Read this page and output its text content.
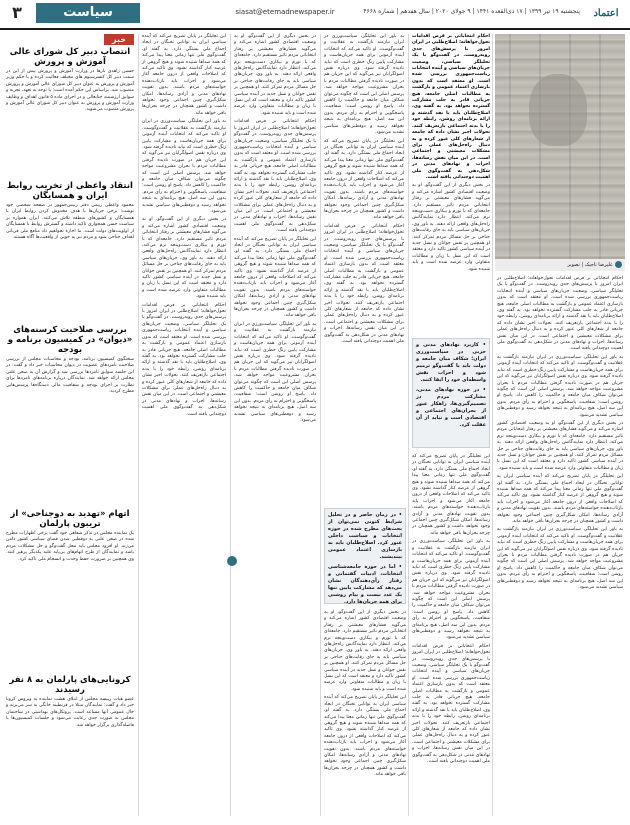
۳	سیاست	siasat@etemadnewspaper.ir	پنجشنبه ۱۹ تیر ۱۳۹۹ | ۱۷ ذی‌القعده ۱۴۴۱ | ۹ جولای ۲۰۲۰ | سال هفدهم | شماره ۴۶۶۸	اعتماد
خبر
انتصاب دبیر کل شورای عالی آموزش و پرورش
حسین زاهدی بارها در وزارت آموزش و پرورش پیش از این در سمت دبیر کل کنسرسیوم های مختلف فعالیت کرده و با حکم وزیر آموزش و پرورش به عنوان دبیر کل شورای عالی آموزش و پرورش منصوب شد. براساس این حکم آمده است: با توجه به تعهد، تجربه و سوابق ارزشمند جنابعالی و در اجرای ماده ۵ قانون اهداف و وظایف وزارت آموزش و پرورش به عنوان دبیر کل شورای عالی آموزش و پرورش منصوب می‌شوید.
انتقاد واعظی از تخریب روابط ایران و همسایگان
محمود واعظی رییس دفتر رییس‌جمهور در صفحه شخصی خود نوشت: برخی جریان‌ها با هدف مخدوش کردن روابط ایران با همسایگان و کشورهای منطقه تلاش می‌کنند. ایران همواره بر سیاست حسن همجواری تاکید داشته و گسترش روابط با همسایگان از اولویت‌های دولت است. ما اجازه نخواهیم داد منافع ملی قربانی اهداف جناحی شود و مردم نیز به خوبی از واقعیت‌ها آگاه هستند.
بررسی صلاحیت کرسنه‌های «دیوان» در کمیسیون برنامه و بودجه
سخنگوی کمیسیون برنامه، بودجه و محاسبات مجلس از بررسی صلاحیت نامزدهای عضویت در دیوان محاسبات خبر داد و گفت: در این جلسه سوابق نامزدها بررسی شد و گزارش آن به صحن علنی مجلس ارائه خواهد شد. نمایندگان درباره برنامه‌های نامزدها برای نظارت بر اجرای بودجه و شفافیت مالی دستگاه‌ها پرسش‌هایی مطرح کردند.
اتهام «تهدید به دوجناحی» از تریبون پارلمان
یک نماینده مجلس در تذکر شفاهی خود گفت برخی اظهارات مطرح شده در صحن علنی به دوقطبی شدن فضای سیاسی کشور دامن می‌زند. او افزود مجلس باید محل گفت‌وگو و حل مشکلات مردم باشد و نمایندگان از طرح اتهام‌های بی‌پایه علیه یکدیگر پرهیز کنند. وی همچنین بر ضرورت حفظ وحدت و انسجام ملی تاکید کرد.
کرونایی‌های پارلمان به ۸ نفر رسیدند
عضو هیات رییسه مجلس از ابتلای هشت نماینده به ویروس کرونا خبر داد و گفت: نمایندگان مبتلا در قرنطینه خانگی به سر می‌برند و حال عمومی آنها مساعد است. پروتکل‌های بهداشتی در ساختمان مجلس به صورت جدی رعایت می‌شود و جلسات کمیسیون‌ها با فاصله‌گذاری برگزار خواهد شد.

این تحلیلگر در پایان تصریح می‌کند که آینده سیاسی ایران به توانایی نخبگان در ایجاد اجماع ملی بستگی دارد. به گفته او، گفت‌وگوی ملی تنها زمانی معنا پیدا می‌کند که همه صداها شنیده شوند و هیچ گروهی از عرصه کنار گذاشته نشود. وی تاکید می‌کند که اصلاحات واقعی از درون جامعه آغاز می‌شود و احزاب باید بازتاب‌دهنده خواسته‌های مردم باشند. بدون تقویت نهادهای مدنی و آزادی رسانه‌ها، امکان شکل‌گیری چنین اجماعی وجود نخواهد داشت و کشور همچنان در چرخه بحران‌ها باقی خواهد ماند.

به باور این تحلیلگر، سیاست‌ورزی در ایران نیازمند بازگشت به عقلانیت و گفت‌وگوست. او تاکید می‌کند که انتخابات آینده آزمونی برای همه جریان‌هاست و مشارکت پایین زنگ خطری است که نباید نادیده گرفته شود. وی درباره نقش اصولگرایان نیز می‌گوید که این جریان هم در صورت نادیده گرفتن مطالبات مردم با بحران مشروعیت مواجه خواهد شد. پرسش اصلی این است که چگونه می‌توان شکاف میان جامعه و حاکمیت را کاهش داد. پاسخ او روشن است: شفافیت، پاسخگویی و احترام به رأی مردم. بدون این سه اصل، هیچ برنامه‌ای به نتیجه نخواهد رسید و دوقطبی‌های سیاسی تشدید می‌شود.

در بخش دیگری از این گفت‌وگو، او به وضعیت اقتصادی کشور اشاره می‌کند و می‌گوید فشارهای معیشتی بر رفتار انتخاباتی مردم تاثیر مستقیم دارد. جامعه‌ای که با تورم و بیکاری دست‌وپنجه نرم می‌کند، انتظار دارد نمایندگانش راه‌حل‌های واقعی ارائه دهند. به باور وی، جریان‌های سیاسی باید به جای رقابت‌های جناحی بر حل مسائل مردم تمرکز کنند. او همچنین بر نقش جوانان و نسل جدید در آینده سیاسی کشور تاکید دارد و معتقد است که این نسل با زبان و مطالبات متفاوتی وارد عرصه شده است و باید شنیده شود.

احکام انتخاباتی بر فرض اقدامات تحول‌خواهانه؛ اصلاح‌طلبی در ایران امروز با پرسش‌های جدی روبه‌روست. در گفت‌وگو با یک تحلیلگر سیاسی، وضعیت جریان‌های سیاسی و آینده انتخابات ریاست‌جمهوری بررسی شده است. او معتقد است که بدون بازسازی اعتماد عمومی و بازگشت به مطالبات اصلی جامعه، هیچ جریانی قادر به جلب مشارکت گسترده نخواهد بود. به گفته وی، اصلاح‌طلبان باید با نقد گذشته و ارائه برنامه‌ای روشن، رابطه خود را با بدنه اجتماعی بازتعریف کنند. تحولات اخیر نشان داده که جامعه از شعارهای کلی عبور کرده و به دنبال راه‌حل‌های عملی برای مشکلات معیشتی و اجتماعی است. در این میان نقش رسانه‌ها، احزاب و نهادهای مدنی در شکل‌دهی به گفت‌وگوی ملی اهمیت دوچندانی یافته است.

در بخش دیگری از این گفت‌وگو، او به وضعیت اقتصادی کشور اشاره می‌کند و می‌گوید فشارهای معیشتی بر رفتار انتخاباتی مردم تاثیر مستقیم دارد. جامعه‌ای که با تورم و بیکاری دست‌وپنجه نرم می‌کند، انتظار دارد نمایندگانش راه‌حل‌های واقعی ارائه دهند. به باور وی، جریان‌های سیاسی باید به جای رقابت‌های جناحی بر حل مسائل مردم تمرکز کنند. او همچنین بر نقش جوانان و نسل جدید در آینده سیاسی کشور تاکید دارد و معتقد است که این نسل با زبان و مطالبات متفاوتی وارد عرصه شده است و باید شنیده شود.

احکام انتخاباتی بر فرض اقدامات تحول‌خواهانه؛ اصلاح‌طلبی در ایران امروز با پرسش‌های جدی روبه‌روست. در گفت‌وگو با یک تحلیلگر سیاسی، وضعیت جریان‌های سیاسی و آینده انتخابات ریاست‌جمهوری بررسی شده است. او معتقد است که بدون بازسازی اعتماد عمومی و بازگشت به مطالبات اصلی جامعه، هیچ جریانی قادر به جلب مشارکت گسترده نخواهد بود. به گفته وی، اصلاح‌طلبان باید با نقد گذشته و ارائه برنامه‌ای روشن، رابطه خود را با بدنه اجتماعی بازتعریف کنند. تحولات اخیر نشان داده که جامعه از شعارهای کلی عبور کرده و به دنبال راه‌حل‌های عملی برای مشکلات معیشتی و اجتماعی است. در این میان نقش رسانه‌ها، احزاب و نهادهای مدنی در شکل‌دهی به گفت‌وگوی ملی اهمیت دوچندانی یافته است.

این تحلیلگر در پایان تصریح می‌کند که آینده سیاسی ایران به توانایی نخبگان در ایجاد اجماع ملی بستگی دارد. به گفته او، گفت‌وگوی ملی تنها زمانی معنا پیدا می‌کند که همه صداها شنیده شوند و هیچ گروهی از عرصه کنار گذاشته نشود. وی تاکید می‌کند که اصلاحات واقعی از درون جامعه آغاز می‌شود و احزاب باید بازتاب‌دهنده خواسته‌های مردم باشند. بدون تقویت نهادهای مدنی و آزادی رسانه‌ها، امکان شکل‌گیری چنین اجماعی وجود نخواهد داشت و کشور همچنان در چرخه بحران‌ها باقی خواهد ماند.

به باور این تحلیلگر، سیاست‌ورزی در ایران نیازمند بازگشت به عقلانیت و گفت‌وگوست. او تاکید می‌کند که انتخابات آینده آزمونی برای همه جریان‌هاست و مشارکت پایین زنگ خطری است که نباید نادیده گرفته شود. وی درباره نقش اصولگرایان نیز می‌گوید که این جریان هم در صورت نادیده گرفتن مطالبات مردم با بحران مشروعیت مواجه خواهد شد. پرسش اصلی این است که چگونه می‌توان شکاف میان جامعه و حاکمیت را کاهش داد. پاسخ او روشن است: شفافیت، پاسخگویی و احترام به رأی مردم. بدون این سه اصل، هیچ برنامه‌ای به نتیجه نخواهد رسید و دوقطبی‌های سیاسی تشدید می‌شود.

به باور این تحلیلگر، سیاست‌ورزی در ایران نیازمند بازگشت به عقلانیت و گفت‌وگوست. او تاکید می‌کند که انتخابات آینده آزمونی برای همه جریان‌هاست و مشارکت پایین زنگ خطری است که نباید نادیده گرفته شود. وی درباره نقش اصولگرایان نیز می‌گوید که این جریان هم در صورت نادیده گرفتن مطالبات مردم با بحران مشروعیت مواجه خواهد شد. پرسش اصلی این است که چگونه می‌توان شکاف میان جامعه و حاکمیت را کاهش داد. پاسخ او روشن است: شفافیت، پاسخگویی و احترام به رأی مردم. بدون این سه اصل، هیچ برنامه‌ای به نتیجه نخواهد رسید و دوقطبی‌های سیاسی تشدید می‌شود.

این تحلیلگر در پایان تصریح می‌کند که آینده سیاسی ایران به توانایی نخبگان در ایجاد اجماع ملی بستگی دارد. به گفته او، گفت‌وگوی ملی تنها زمانی معنا پیدا می‌کند که همه صداها شنیده شوند و هیچ گروهی از عرصه کنار گذاشته نشود. وی تاکید می‌کند که اصلاحات واقعی از درون جامعه آغاز می‌شود و احزاب باید بازتاب‌دهنده خواسته‌های مردم باشند. بدون تقویت نهادهای مدنی و آزادی رسانه‌ها، امکان شکل‌گیری چنین اجماعی وجود نخواهد داشت و کشور همچنان در چرخه بحران‌ها باقی خواهد ماند.

احکام انتخاباتی بر فرض اقدامات تحول‌خواهانه؛ اصلاح‌طلبی در ایران امروز با پرسش‌های جدی روبه‌روست. در گفت‌وگو با یک تحلیلگر سیاسی، وضعیت جریان‌های سیاسی و آینده انتخابات ریاست‌جمهوری بررسی شده است. او معتقد است که بدون بازسازی اعتماد عمومی و بازگشت به مطالبات اصلی جامعه، هیچ جریانی قادر به جلب مشارکت گسترده نخواهد بود. به گفته وی، اصلاح‌طلبان باید با نقد گذشته و ارائه برنامه‌ای روشن، رابطه خود را با بدنه اجتماعی بازتعریف کنند. تحولات اخیر نشان داده که جامعه از شعارهای کلی عبور کرده و به دنبال راه‌حل‌های عملی برای مشکلات معیشتی و اجتماعی است. در این میان نقش رسانه‌ها، احزاب و نهادهای مدنی در شکل‌دهی به گفت‌وگوی ملی اهمیت دوچندانی یافته است.

احکام انتخاباتی بر فرض اقدامات تحول‌خواهانه؛ اصلاح‌طلبی در ایران امروز با پرسش‌های جدی روبه‌روست. در گفت‌وگو با یک تحلیلگر سیاسی، وضعیت جریان‌های سیاسی و آینده انتخابات ریاست‌جمهوری بررسی شده است. او معتقد است که بدون بازسازی اعتماد عمومی و بازگشت به مطالبات اصلی جامعه، هیچ جریانی قادر به جلب مشارکت گسترده نخواهد بود. به گفته وی، اصلاح‌طلبان باید با نقد گذشته و ارائه برنامه‌ای روشن، رابطه خود را با بدنه اجتماعی بازتعریف کنند. تحولات اخیر نشان داده که جامعه از شعارهای کلی عبور کرده و به دنبال راه‌حل‌های عملی برای مشکلات معیشتی و اجتماعی است. در این میان نقش رسانه‌ها، احزاب و نهادهای مدنی در شکل‌دهی به گفت‌وگوی ملی اهمیت دوچندانی یافته است.

در بخش دیگری از این گفت‌وگو، او به وضعیت اقتصادی کشور اشاره می‌کند و می‌گوید فشارهای معیشتی بر رفتار انتخاباتی مردم تاثیر مستقیم دارد. جامعه‌ای که با تورم و بیکاری دست‌وپنجه نرم می‌کند، انتظار دارد نمایندگانش راه‌حل‌های واقعی ارائه دهند. به باور وی، جریان‌های سیاسی باید به جای رقابت‌های جناحی بر حل مسائل مردم تمرکز کنند. او همچنین بر نقش جوانان و نسل جدید در آینده سیاسی کشور تاکید دارد و معتقد است که این نسل با زبان و مطالبات متفاوتی وارد عرصه شده است و باید شنیده شود.

احکام انتخاباتی بر فرض اقدامات تحول‌خواهانه؛ اصلاح‌طلبی در ایران امروز با پرسش‌های جدی روبه‌روست. در گفت‌وگو با یک تحلیلگر سیاسی، وضعیت جریان‌های سیاسی و آینده انتخابات ریاست‌جمهوری بررسی شده است. او معتقد است که بدون بازسازی اعتماد عمومی و بازگشت به مطالبات اصلی جامعه، هیچ جریانی قادر به جلب مشارکت گسترده نخواهد بود. به گفته وی، اصلاح‌طلبان باید با نقد گذشته و ارائه برنامه‌ای روشن، رابطه خود را با بدنه اجتماعی بازتعریف کنند. تحولات اخیر نشان داده که جامعه از شعارهای کلی عبور کرده و به دنبال راه‌حل‌های عملی برای مشکلات معیشتی و اجتماعی است. در این میان نقش رسانه‌ها، احزاب و نهادهای مدنی در شکل‌دهی به گفت‌وگوی ملی اهمیت دوچندانی یافته است.

به باور این تحلیلگر، سیاست‌ورزی در ایران نیازمند بازگشت به عقلانیت و گفت‌وگوست. او تاکید می‌کند که انتخابات آینده آزمونی برای همه جریان‌هاست و مشارکت پایین زنگ خطری است که نباید نادیده گرفته شود. وی درباره نقش اصولگرایان نیز می‌گوید که این جریان هم در صورت نادیده گرفتن مطالبات مردم با بحران مشروعیت مواجه خواهد شد. پرسش اصلی این است که چگونه می‌توان شکاف میان جامعه و حاکمیت را کاهش داد. پاسخ او روشن است: شفافیت، پاسخگویی و احترام به رأی مردم. بدون این سه اصل، هیچ برنامه‌ای به نتیجه نخواهد رسید و دوقطبی‌های سیاسی تشدید می‌شود.

در بخش دیگری از این گفت‌وگو، او به وضعیت اقتصادی کشور اشاره می‌کند و می‌گوید فشارهای معیشتی بر رفتار انتخاباتی مردم تاثیر مستقیم دارد. جامعه‌ای که با تورم و بیکاری دست‌وپنجه نرم می‌کند، انتظار دارد نمایندگانش راه‌حل‌های واقعی ارائه دهند. به باور وی، جریان‌های سیاسی باید به جای رقابت‌های جناحی بر حل مسائل مردم تمرکز کنند. او همچنین بر نقش جوانان و نسل جدید در آینده سیاسی کشور تاکید دارد و معتقد است که این نسل با زبان و مطالبات متفاوتی وارد عرصه شده است و باید شنیده شود.

این تحلیلگر در پایان تصریح می‌کند که آینده سیاسی ایران به توانایی نخبگان در ایجاد اجماع ملی بستگی دارد. به گفته او، گفت‌وگوی ملی تنها زمانی معنا پیدا می‌کند که همه صداها شنیده شوند و هیچ گروهی از عرصه کنار گذاشته نشود. وی تاکید می‌کند که اصلاحات واقعی از درون جامعه آغاز می‌شود و احزاب باید بازتاب‌دهنده خواسته‌های مردم باشند. بدون تقویت نهادهای مدنی و آزادی رسانه‌ها، امکان شکل‌گیری چنین اجماعی وجود نخواهد داشت و کشور همچنان در چرخه بحران‌ها باقی خواهد ماند.

به باور این تحلیلگر، سیاست‌ورزی در ایران نیازمند بازگشت به عقلانیت و گفت‌وگوست. او تاکید می‌کند که انتخابات آینده آزمونی برای همه جریان‌هاست و مشارکت پایین زنگ خطری است که نباید نادیده گرفته شود. وی درباره نقش اصولگرایان نیز می‌گوید که این جریان هم در صورت نادیده گرفتن مطالبات مردم با بحران مشروعیت مواجه خواهد شد. پرسش اصلی این است که چگونه می‌توان شکاف میان جامعه و حاکمیت را کاهش داد. پاسخ او روشن است: شفافیت، پاسخگویی و احترام به رأی مردم. بدون این سه اصل، هیچ برنامه‌ای به نتیجه نخواهد رسید و دوقطبی‌های سیاسی تشدید می‌شود.

علیرضا تاجیک | تصویر

• در زمان حاضر و در تحلیل شرایط کنونی نمی‌توان از بحث‌های مطرح شده در حوزه انتخابات و سیاست داخلی عبور کرد. اصلاح‌طلبان باید به بازسازی اعتماد عمومی بیندیشند.

• اما در حوزه جامعه‌شناسی انتخابات، ادبیات گفتمانی و رفتار رأی‌دهندگان نشان می‌دهد که مشارکت پایین تنها یک عدد نیست و پیام روشنی برای همه جریان‌ها دارد.

• کاربرد نهادهای مدنی و حزبی در سیاست‌ورزی ایران؛ شکاف میان جامعه و دولت باید با گفت‌وگو ترمیم شود و احزاب نقش واسطه‌ای خود را ایفا کنند.

• در حوزه نهادهای مدنی، مشارکت مردم در تصمیم‌گیری‌ها، راهکار عبور از بحران‌های اجتماعی و اقتصادی است و نباید از آن غفلت کرد.

در بخش دیگری از این گفت‌وگو، او به وضعیت اقتصادی کشور اشاره می‌کند و می‌گوید فشارهای معیشتی بر رفتار انتخاباتی مردم تاثیر مستقیم دارد. جامعه‌ای که با تورم و بیکاری دست‌وپنجه نرم می‌کند، انتظار دارد نمایندگانش راه‌حل‌های واقعی ارائه دهند. به باور وی، جریان‌های سیاسی باید به جای رقابت‌های جناحی بر حل مسائل مردم تمرکز کنند. او همچنین بر نقش جوانان و نسل جدید در آینده سیاسی کشور تاکید دارد و معتقد است که این نسل با زبان و مطالبات متفاوتی وارد عرصه شده است و باید شنیده شود.

این تحلیلگر در پایان تصریح می‌کند که آینده سیاسی ایران به توانایی نخبگان در ایجاد اجماع ملی بستگی دارد. به گفته او، گفت‌وگوی ملی تنها زمانی معنا پیدا می‌کند که همه صداها شنیده شوند و هیچ گروهی از عرصه کنار گذاشته نشود. وی تاکید می‌کند که اصلاحات واقعی از درون جامعه آغاز می‌شود و احزاب باید بازتاب‌دهنده خواسته‌های مردم باشند. بدون تقویت نهادهای مدنی و آزادی رسانه‌ها، امکان شکل‌گیری چنین اجماعی وجود نخواهد داشت و کشور همچنان در چرخه بحران‌ها باقی خواهد ماند.

این تحلیلگر در پایان تصریح می‌کند که آینده سیاسی ایران به توانایی نخبگان در ایجاد اجماع ملی بستگی دارد. به گفته او، گفت‌وگوی ملی تنها زمانی معنا پیدا می‌کند که همه صداها شنیده شوند و هیچ گروهی از عرصه کنار گذاشته نشود. وی تاکید می‌کند که اصلاحات واقعی از درون جامعه آغاز می‌شود و احزاب باید بازتاب‌دهنده خواسته‌های مردم باشند. بدون تقویت نهادهای مدنی و آزادی رسانه‌ها، امکان شکل‌گیری چنین اجماعی وجود نخواهد داشت و کشور همچنان در چرخه بحران‌ها باقی خواهد ماند.

به باور این تحلیلگر، سیاست‌ورزی در ایران نیازمند بازگشت به عقلانیت و گفت‌وگوست. او تاکید می‌کند که انتخابات آینده آزمونی برای همه جریان‌هاست و مشارکت پایین زنگ خطری است که نباید نادیده گرفته شود. وی درباره نقش اصولگرایان نیز می‌گوید که این جریان هم در صورت نادیده گرفتن مطالبات مردم با بحران مشروعیت مواجه خواهد شد. پرسش اصلی این است که چگونه می‌توان شکاف میان جامعه و حاکمیت را کاهش داد. پاسخ او روشن است: شفافیت، پاسخگویی و احترام به رأی مردم. بدون این سه اصل، هیچ برنامه‌ای به نتیجه نخواهد رسید و دوقطبی‌های سیاسی تشدید می‌شود.

احکام انتخاباتی بر فرض اقدامات تحول‌خواهانه؛ اصلاح‌طلبی در ایران امروز با پرسش‌های جدی روبه‌روست. در گفت‌وگو با یک تحلیلگر سیاسی، وضعیت جریان‌های سیاسی و آینده انتخابات ریاست‌جمهوری بررسی شده است. او معتقد است که بدون بازسازی اعتماد عمومی و بازگشت به مطالبات اصلی جامعه، هیچ جریانی قادر به جلب مشارکت گسترده نخواهد بود. به گفته وی، اصلاح‌طلبان باید با نقد گذشته و ارائه برنامه‌ای روشن، رابطه خود را با بدنه اجتماعی بازتعریف کنند. تحولات اخیر نشان داده که جامعه از شعارهای کلی عبور کرده و به دنبال راه‌حل‌های عملی برای مشکلات معیشتی و اجتماعی است. در این میان نقش رسانه‌ها، احزاب و نهادهای مدنی در شکل‌دهی به گفت‌وگوی ملی اهمیت دوچندانی یافته است.
